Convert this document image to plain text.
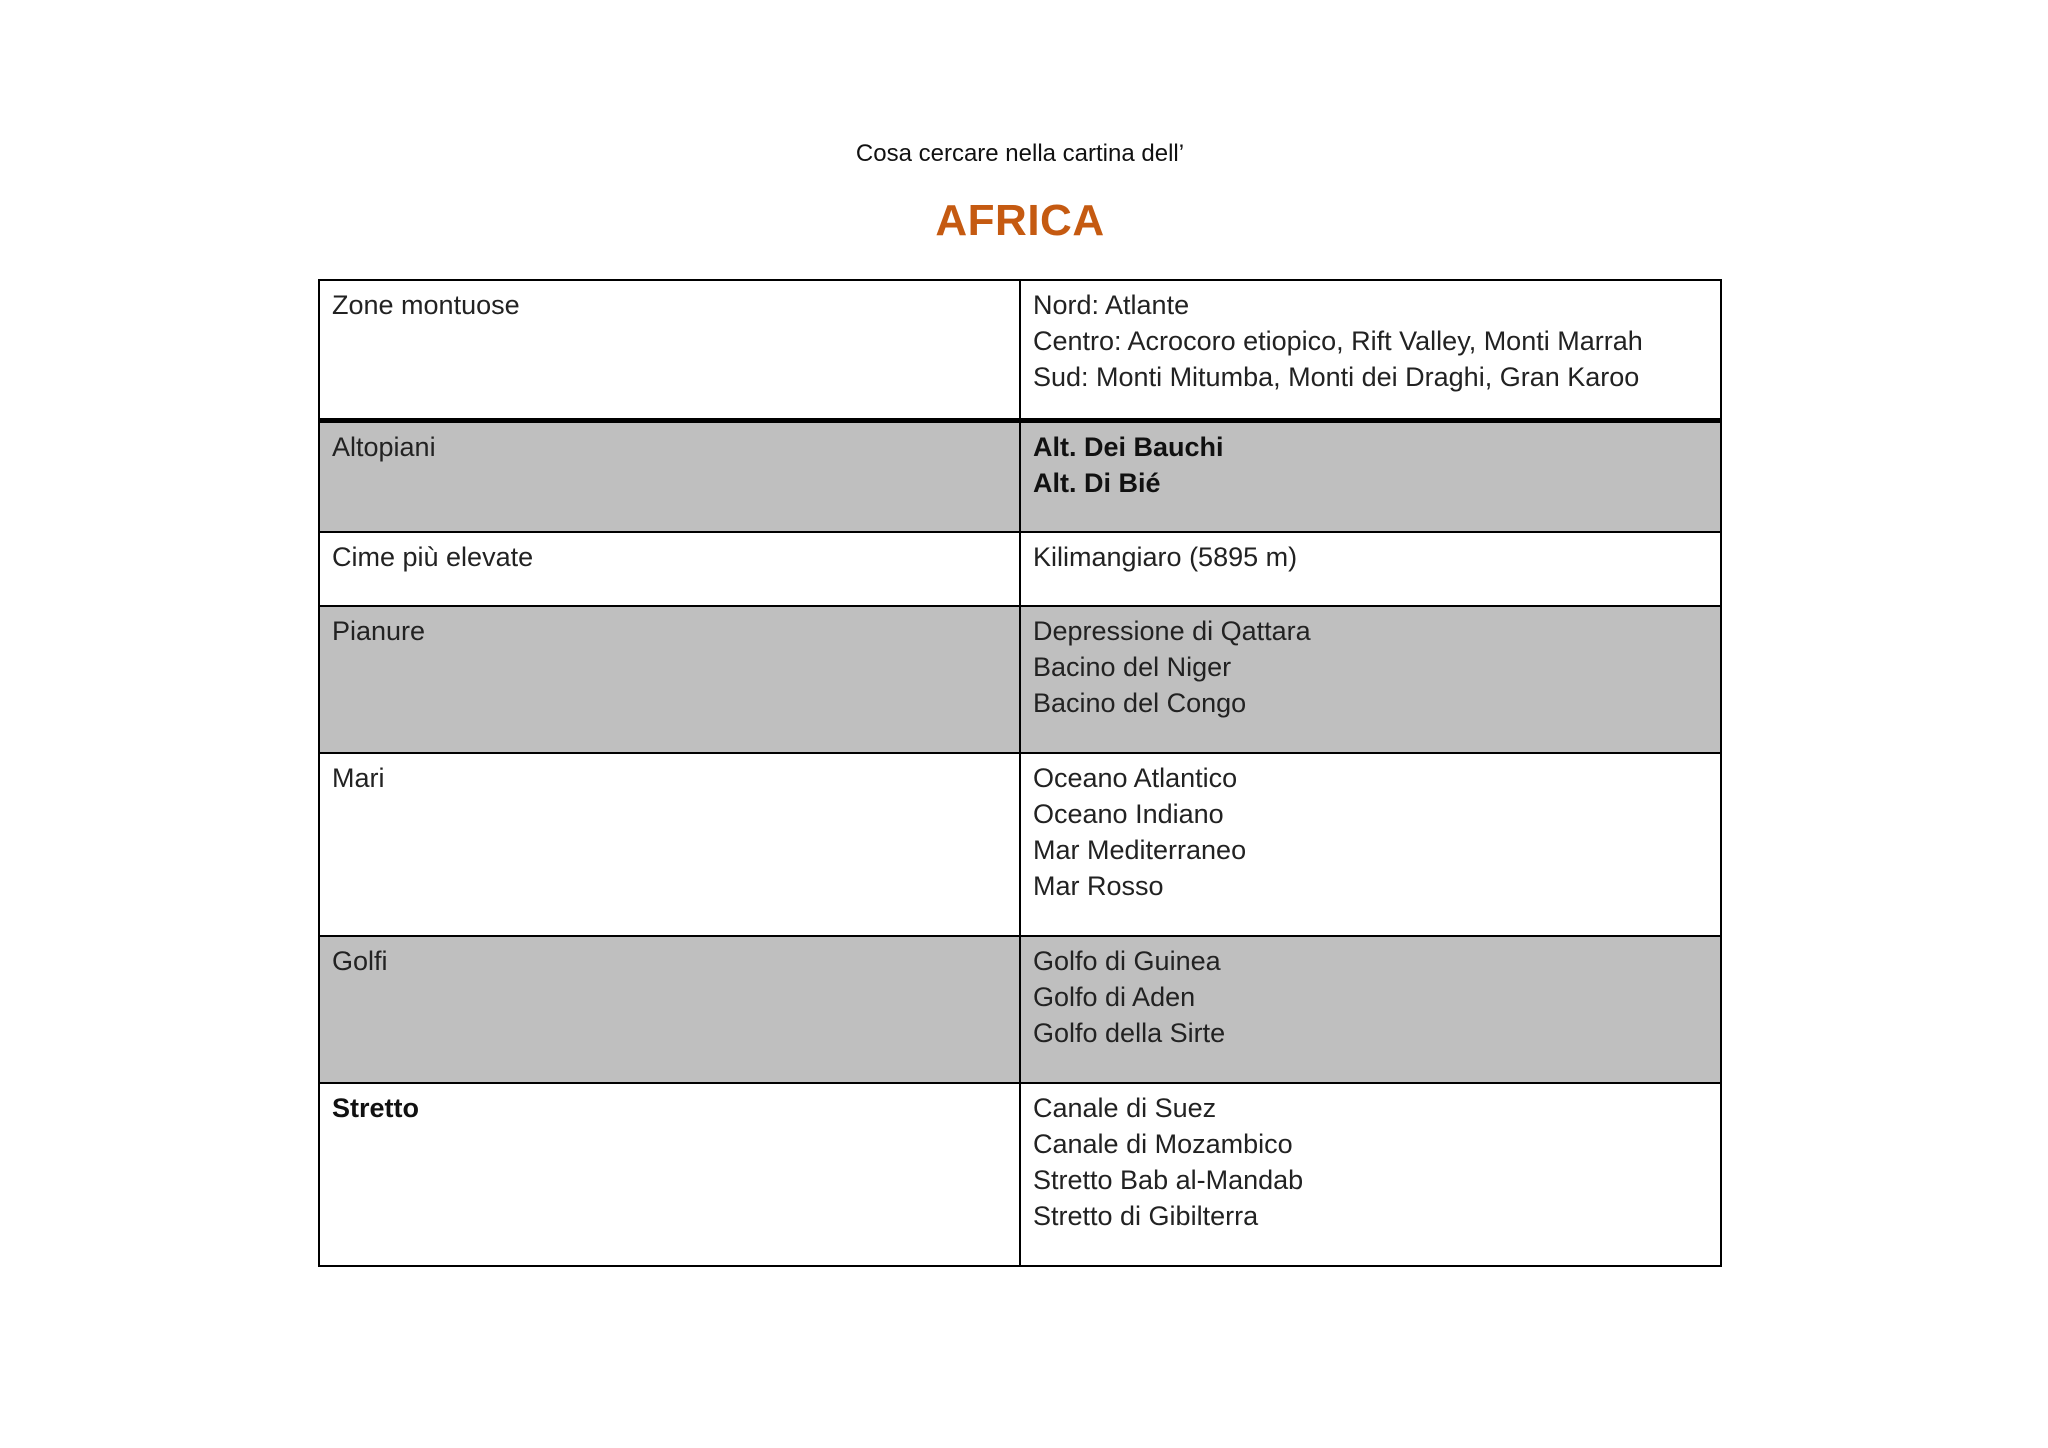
Cosa cercare nella cartina dell’
AFRICA
Zone montuose	Nord: Atlante
Centro: Acrocoro etiopico, Rift Valley, Monti Marrah
Sud: Monti Mitumba, Monti dei Draghi, Gran Karoo

Altopiani	Alt. Dei Bauchi
Alt. Di Bié

Cime più elevate	Kilimangiaro (5895 m)

Pianure	Depressione di Qattara
Bacino del Niger
Bacino del Congo

Mari	Oceano Atlantico
Oceano Indiano
Mar Mediterraneo
Mar Rosso

Golfi	Golfo di Guinea
Golfo di Aden
Golfo della Sirte

Stretto	Canale di Suez
Canale di Mozambico
Stretto Bab al-Mandab
Stretto di Gibilterra
